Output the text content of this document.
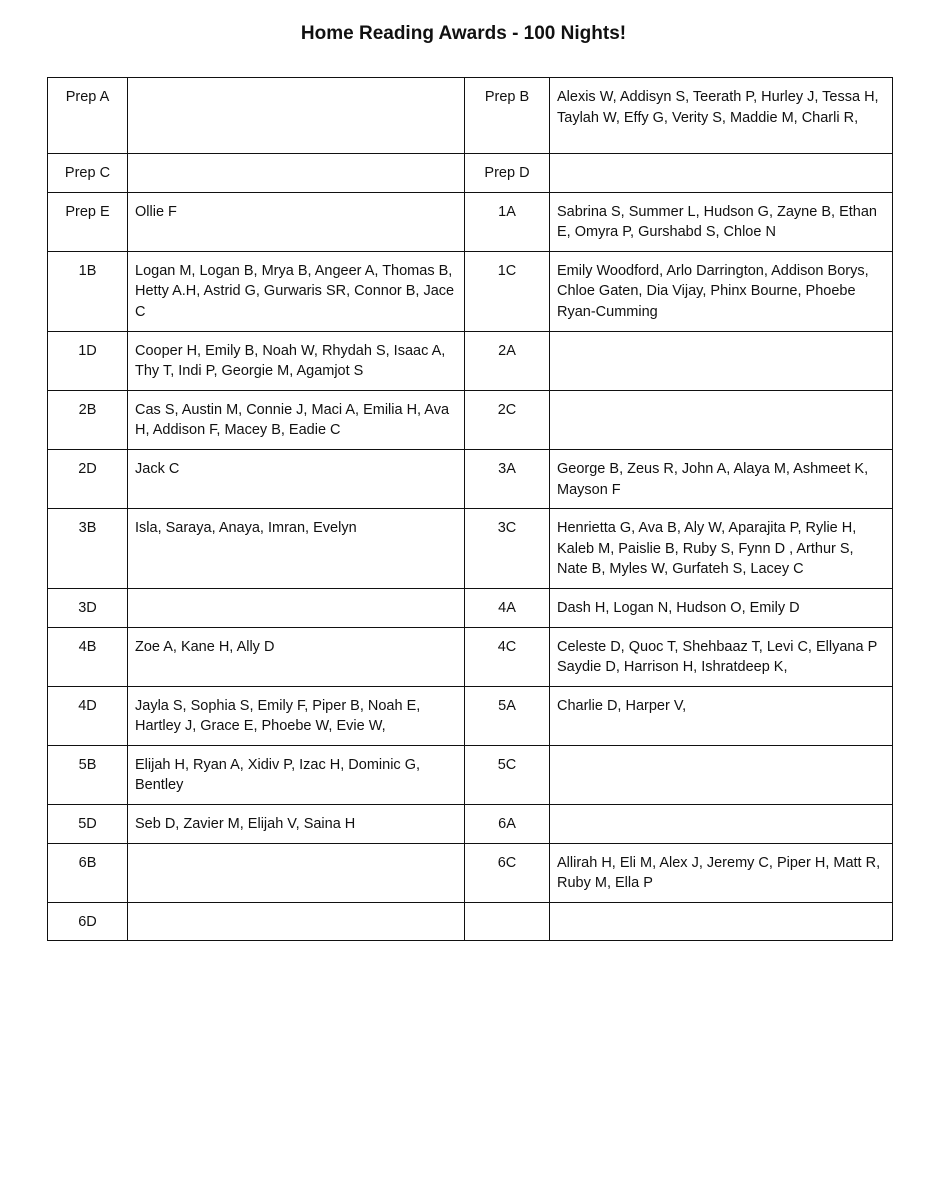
Home Reading Awards - 100 Nights!
Prep A		Prep B	Alexis W, Addisyn S, Teerath P, Hurley J, Tessa H, Taylah W, Effy G, Verity S, Maddie M, Charli R,
Prep C		Prep D	
Prep E	Ollie F	1A	Sabrina S, Summer L, Hudson G, Zayne B, Ethan E, Omyra P, Gurshabd S, Chloe N
1B	Logan M, Logan B, Mrya B, Angeer A, Thomas B, Hetty A.H, Astrid G, Gurwaris SR, Connor B, Jace C	1C	Emily Woodford, Arlo Darrington, Addison Borys, Chloe Gaten, Dia Vijay, Phinx Bourne, Phoebe Ryan-Cumming
1D	Cooper H, Emily B, Noah W, Rhydah S, Isaac A, Thy T, Indi P, Georgie M, Agamjot S	2A	
2B	Cas S, Austin M, Connie J, Maci A, Emilia H, Ava H, Addison F, Macey B, Eadie C	2C	
2D	Jack C	3A	George B, Zeus R, John A, Alaya M, Ashmeet K, Mayson F
3B	Isla, Saraya, Anaya, Imran, Evelyn	3C	Henrietta G, Ava B, Aly W, Aparajita P, Rylie H, Kaleb M, Paislie B, Ruby S, Fynn D , Arthur S, Nate B, Myles W, Gurfateh S, Lacey C
3D		4A	Dash H, Logan N, Hudson O, Emily D
4B	Zoe A, Kane H, Ally D	4C	Celeste D, Quoc T, Shehbaaz T, Levi C, Ellyana P Saydie D, Harrison H, Ishratdeep K,
4D	Jayla S, Sophia S, Emily F, Piper B, Noah E, Hartley J, Grace E, Phoebe W, Evie W,	5A	Charlie D, Harper V,
5B	Elijah H, Ryan A, Xidiv P, Izac H, Dominic G, Bentley	5C	
5D	Seb D, Zavier M, Elijah V, Saina H	6A	
6B		6C	Allirah H, Eli M, Alex J, Jeremy C, Piper H, Matt R, Ruby M, Ella P
6D			
